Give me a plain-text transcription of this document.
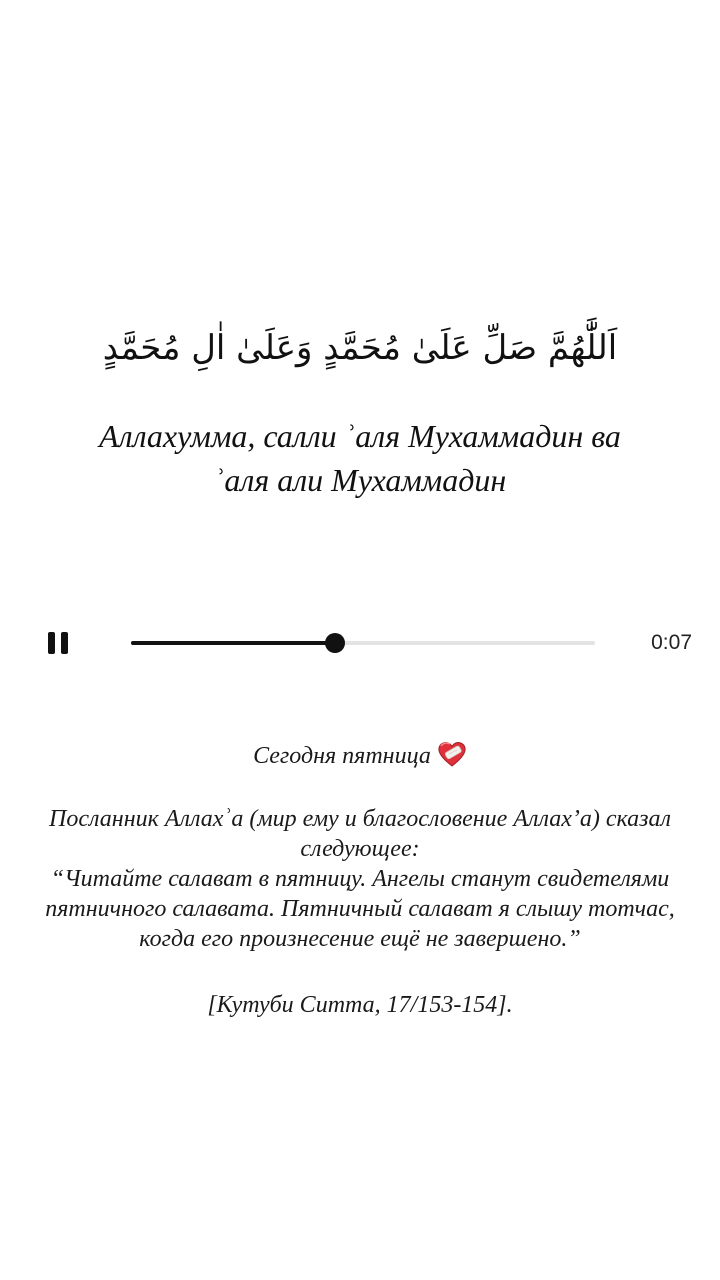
اَللَّٰهُمَّ صَلِّ عَلَىٰ مُحَمَّدٍ وَعَلَىٰ اٰلِ مُحَمَّدٍ
Аллахумма, салли ʾаля Мухаммадин ва
ʾаля али Мухаммадин
0:07
Сегодня пятница
Посланник Аллахʾа (мир ему и благословение Аллахʼа) сказал
следующее:
“Читайте салават в пятницу. Ангелы станут свидетелями
пятничного салавата. Пятничный салават я слышу тотчас,
когда его произнесение ещё не завершено.”
[Кутуби Ситта, 17/153-154].
